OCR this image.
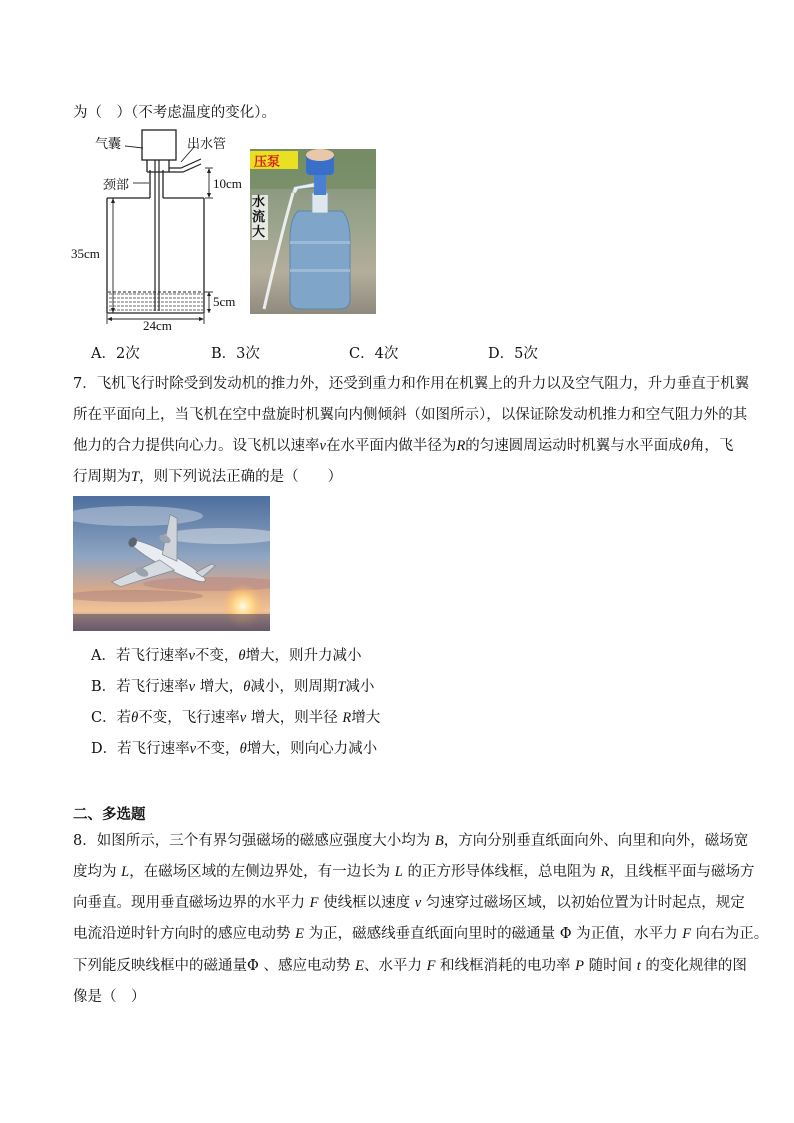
为（　）（不考虑温度的变化）。
气囊	出水管
颈部	10cm
35cm
5cm
24cm
压泵
水
流
大
A．2次	B．3次	C．4次	D．5次
7．飞机飞行时除受到发动机的推力外，还受到重力和作用在机翼上的升力以及空气阻力，升力垂直于机翼
所在平面向上，当飞机在空中盘旋时机翼向内侧倾斜（如图所示），以保证除发动机推力和空气阻力外的其
他力的合力提供向心力。设飞机以速率v在水平面内做半径为R的匀速圆周运动时机翼与水平面成θ角，飞
行周期为T，则下列说法正确的是（　　）
A．若飞行速率v不变，θ增大，则升力减小
B．若飞行速率v 增大，θ减小，则周期T减小
C．若θ不变，飞行速率v 增大，则半径 R增大
D．若飞行速率v不变，θ增大，则向心力减小
二、多选题
8．如图所示，三个有界匀强磁场的磁感应强度大小均为 B，方向分别垂直纸面向外、向里和向外，磁场宽
度均为 L，在磁场区域的左侧边界处，有一边长为 L 的正方形导体线框，总电阻为 R，且线框平面与磁场方
向垂直。现用垂直磁场边界的水平力 F 使线框以速度 v 匀速穿过磁场区域，以初始位置为计时起点，规定
电流沿逆时针方向时的感应电动势 E 为正，磁感线垂直纸面向里时的磁通量 Φ 为正值，水平力 F 向右为正。
下列能反映线框中的磁通量Φ 、感应电动势 E、水平力 F 和线框消耗的电功率 P 随时间 t 的变化规律的图
像是（　）
